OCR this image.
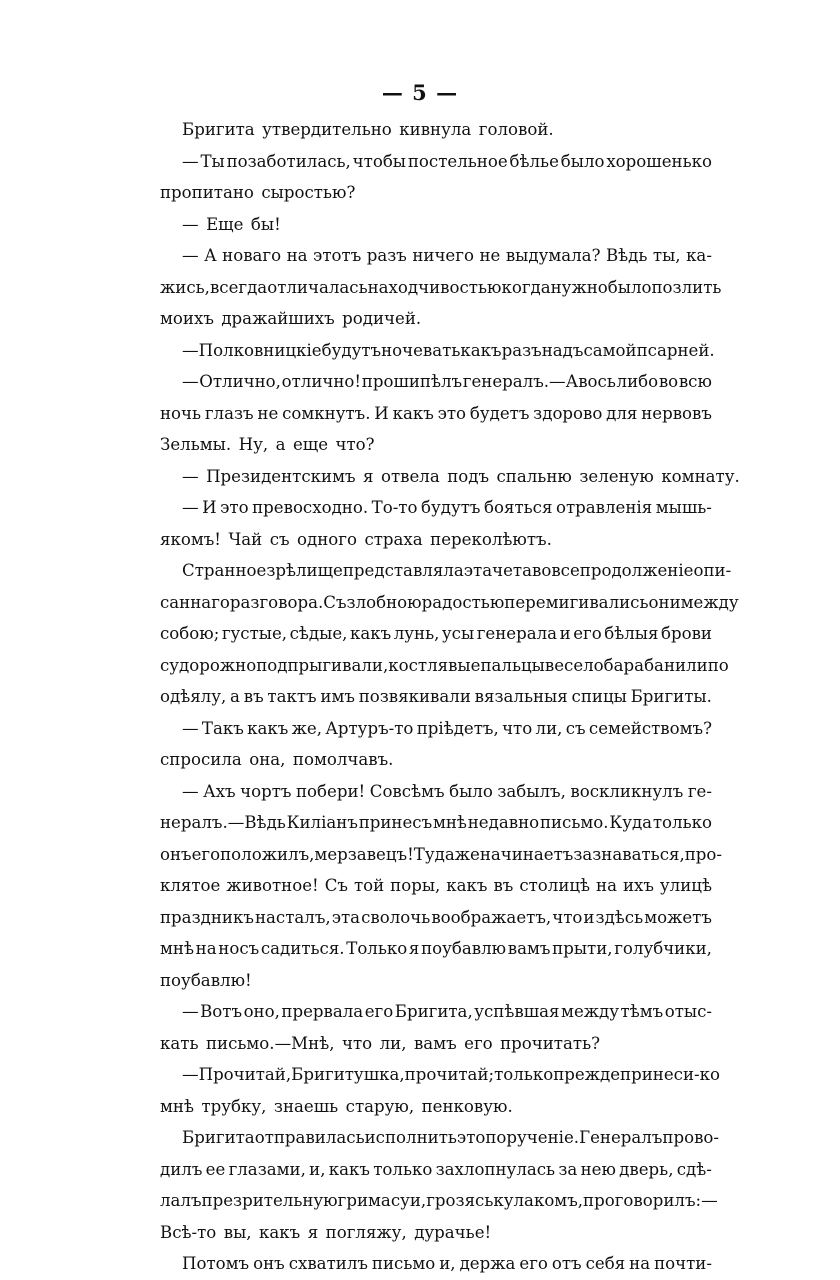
— 5 —
Бригита утвердительно кивнула головой.
— Ты позаботилась, чтобы постельное бѣлье было хорошенько
пропитано сыростью?
— Еще бы!
— А новаго на этотъ разъ ничего не выдумала? Вѣдь ты, ка-
жись, всегда отличалась находчивостью когда нужно было позлить
моихъ дражайшихъ родичей.
— Полковницкіе будутъ ночевать какъ разъ надъ самой псарней.
— Отлично, отлично! прошипѣлъ генералъ.—Авось либо во всю
ночь глазъ не сомкнутъ. И какъ это будетъ здорово для нервовъ
Зельмы. Ну, а еще что?
— Президентскимъ я отвела подъ спальню зеленую комнату.
— И это превосходно. То-то будутъ бояться отравленія мышь-
якомъ! Чай съ одного страха переколѣютъ.
Странное зрѣлище представляла эта чета во все продолженіе опи-
саннаго разговора. Съ злобною радостью перемигивались они между
собою; густые, сѣдые, какъ лунь, усы генерала и его бѣлыя брови
судорожно подпрыгивали, костлявые пальцы весело барабанили по
одѣялу, а въ тактъ имъ позвякивали вязальныя спицы Бригиты.
— Такъ какъ же, Артуръ-то пріѣдетъ, что ли, съ семействомъ?
спросила она, помолчавъ.
— Ахъ чортъ побери! Совсѣмъ было забылъ, воскликнулъ ге-
нералъ.—Вѣдь Киліанъ принесъ мнѣ недавно письмо. Куда только
онъ его положилъ, мерзавецъ! Туда же начинаетъ зазнаваться, про-
клятое животное! Съ той поры, какъ въ столицѣ на ихъ улицѣ
праздникъ насталъ, эта сволочь воображаетъ, что и здѣсь можетъ
мнѣ на носъ садиться. Только я поубавлю вамъ прыти, голубчики,
поубавлю!
— Вотъ оно, прервала его Бригита, успѣвшая между тѣмъ отыс-
кать письмо.—Мнѣ, что ли, вамъ его прочитать?
— Прочитай, Бригитушка, прочитай; только прежде принеси-ко
мнѣ трубку, знаешь старую, пенковую.
Бригита отправилась исполнить это порученіе. Генералъ прово-
дилъ ее глазами, и, какъ только захлопнулась за нею дверь, сдѣ-
лалъ презрительную гримасу и, грозясь кулакомъ, проговорилъ:—
Всѣ-то вы, какъ я погляжу, дурачье!
Потомъ онъ схватилъ письмо и, держа его отъ себя на почти-
